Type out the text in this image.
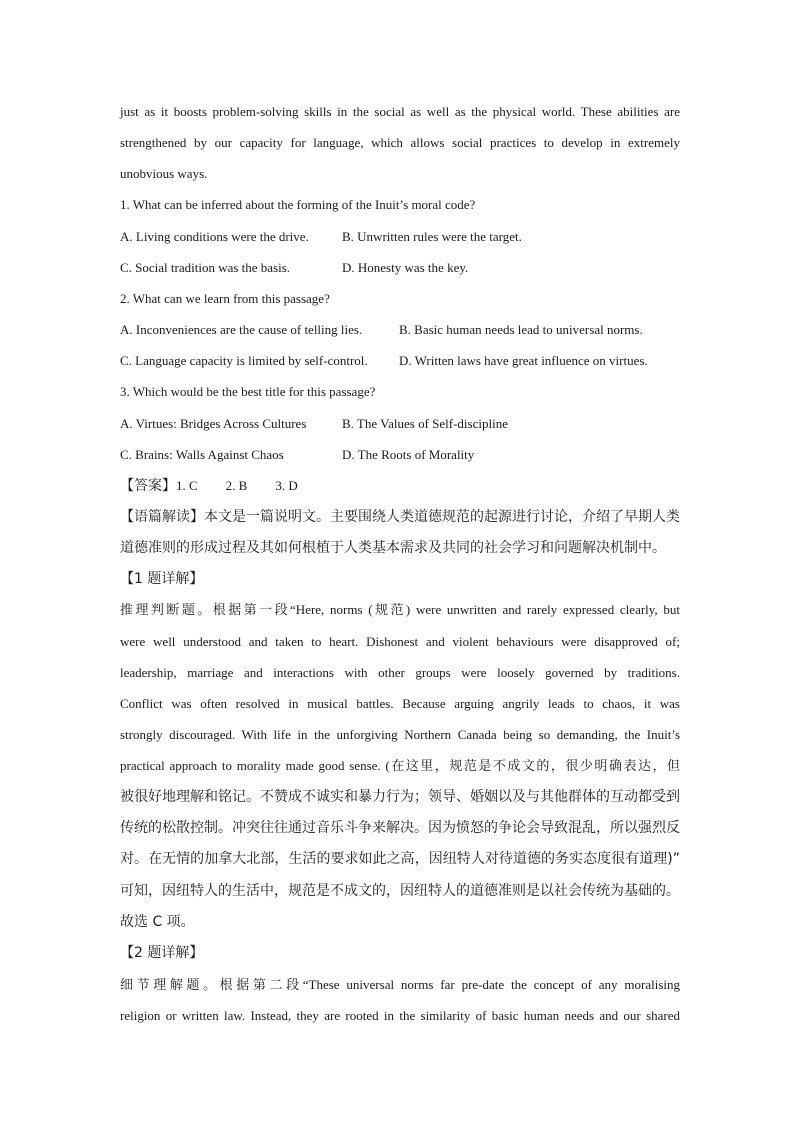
just as it boosts problem-solving skills in the social as well as the physical world. These abilities are
strengthened by our capacity for language, which allows social practices to develop in extremely
unobvious ways.
1. What can be inferred about the forming of the Inuit’s moral code?
A. Living conditions were the drive.	B. Unwritten rules were the target.
C. Social tradition was the basis.	D. Honesty was the key.
2. What can we learn from this passage?
A. Inconveniences are the cause of telling lies.	B. Basic human needs lead to universal norms.
C. Language capacity is limited by self-control. D. Written laws have great influence on virtues.
3. Which would be the best title for this passage?
A. Virtues: Bridges Across Cultures	B. The Values of Self-discipline
C. Brains: Walls Against Chaos	D. The Roots of Morality
【答案】1. C 2. B 3. D
【语篇解读】本文是一篇说明文。主要围绕人类道德规范的起源进行讨论，介绍了早期人类
道德准则的形成过程及其如何根植于人类基本需求及共同的社会学习和问题解决机制中。
【1 题详解】
推理判断题。根据第一段“Here, norms (规范) were unwritten and rarely expressed clearly, but
were well understood and taken to heart. Dishonest and violent behaviours were disapproved of;
leadership, marriage and interactions with other groups were loosely governed by traditions.
Conflict was often resolved in musical battles. Because arguing angrily leads to chaos, it was
strongly discouraged. With life in the unforgiving Northern Canada being so demanding, the Inuit’s
practical approach to morality made good sense. (在这里，规范是不成文的，很少明确表达，但
被很好地理解和铭记。不赞成不诚实和暴力行为；领导、婚姻以及与其他群体的互动都受到
传统的松散控制。冲突往往通过音乐斗争来解决。因为愤怒的争论会导致混乱，所以强烈反
对。在无情的加拿大北部，生活的要求如此之高，因纽特人对待道德的务实态度很有道理)”
可知，因纽特人的生活中，规范是不成文的，因纽特人的道德准则是以社会传统为基础的。
故选 C 项。
【2 题详解】
细节理解题。根据第二段“These universal norms far pre-date the concept of any moralising
religion or written law. Instead, they are rooted in the similarity of basic human needs and our shared
